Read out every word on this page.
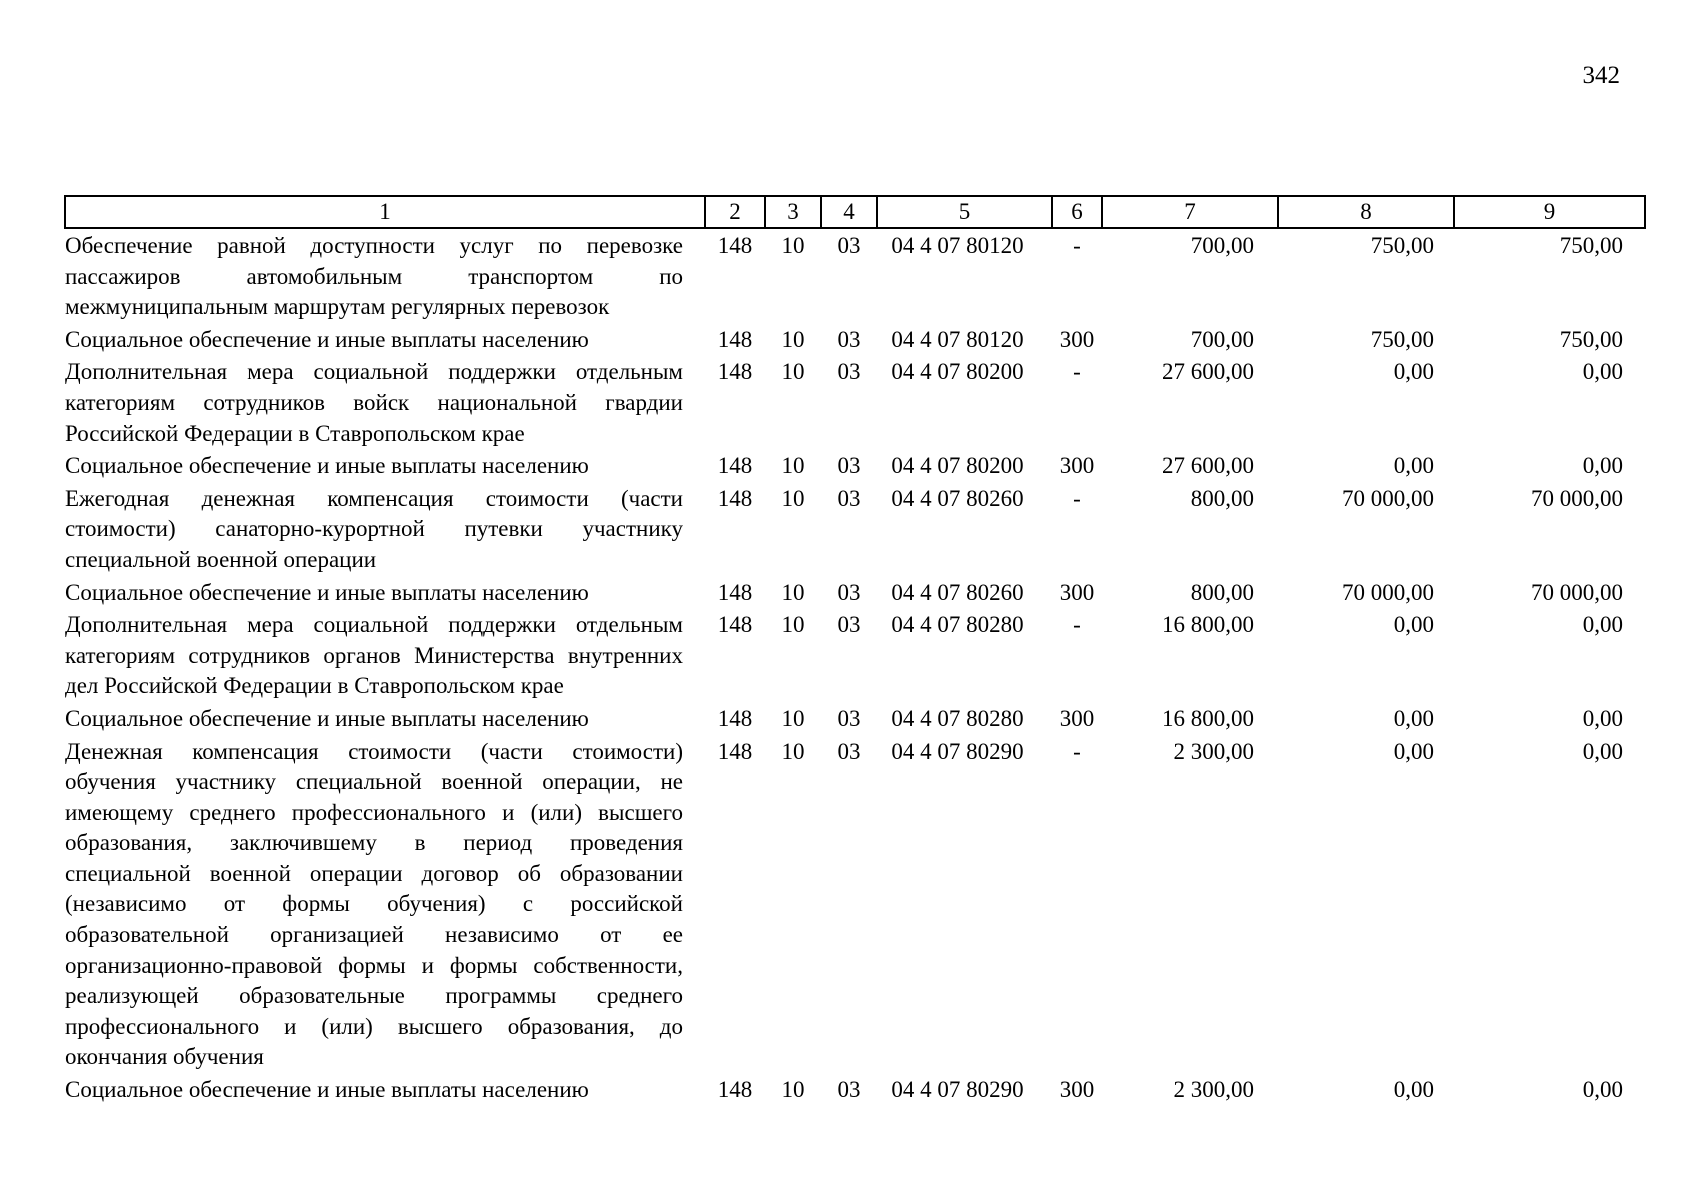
342
1	2	3	4	5	6	7	8	9
Обеспечение равной доступности услуг по перевозке пассажиров автомобильным транспортом по межмуниципальным маршрутам регулярных перевозок	148	10	03	04 4 07 80120	-	700,00	750,00	750,00
Социальное обеспечение и иные выплаты населению	148	10	03	04 4 07 80120	300	700,00	750,00	750,00
Дополнительная мера социальной поддержки отдельным категориям сотрудников войск национальной гвардии Российской Федерации в Ставропольском крае	148	10	03	04 4 07 80200	-	27 600,00	0,00	0,00
Социальное обеспечение и иные выплаты населению	148	10	03	04 4 07 80200	300	27 600,00	0,00	0,00
Ежегодная денежная компенсация стоимости (части стоимости) санаторно-курортной путевки участнику специальной военной операции	148	10	03	04 4 07 80260	-	800,00	70 000,00	70 000,00
Социальное обеспечение и иные выплаты населению	148	10	03	04 4 07 80260	300	800,00	70 000,00	70 000,00
Дополнительная мера социальной поддержки отдельным категориям сотрудников органов Министерства внутренних дел Российской Федерации в Ставропольском крае	148	10	03	04 4 07 80280	-	16 800,00	0,00	0,00
Социальное обеспечение и иные выплаты населению	148	10	03	04 4 07 80280	300	16 800,00	0,00	0,00
Денежная компенсация стоимости (части стоимости) обучения участнику специальной военной операции, не имеющему среднего профессионального и (или) высшего образования, заключившему в период проведения специальной военной операции договор об образовании (независимо от формы обучения) с российской образовательной организацией независимо от ее организационно-правовой формы и формы собственности, реализующей образовательные программы среднего профессионального и (или) высшего образования, до окончания обучения	148	10	03	04 4 07 80290	-	2 300,00	0,00	0,00
Социальное обеспечение и иные выплаты населению	148	10	03	04 4 07 80290	300	2 300,00	0,00	0,00
